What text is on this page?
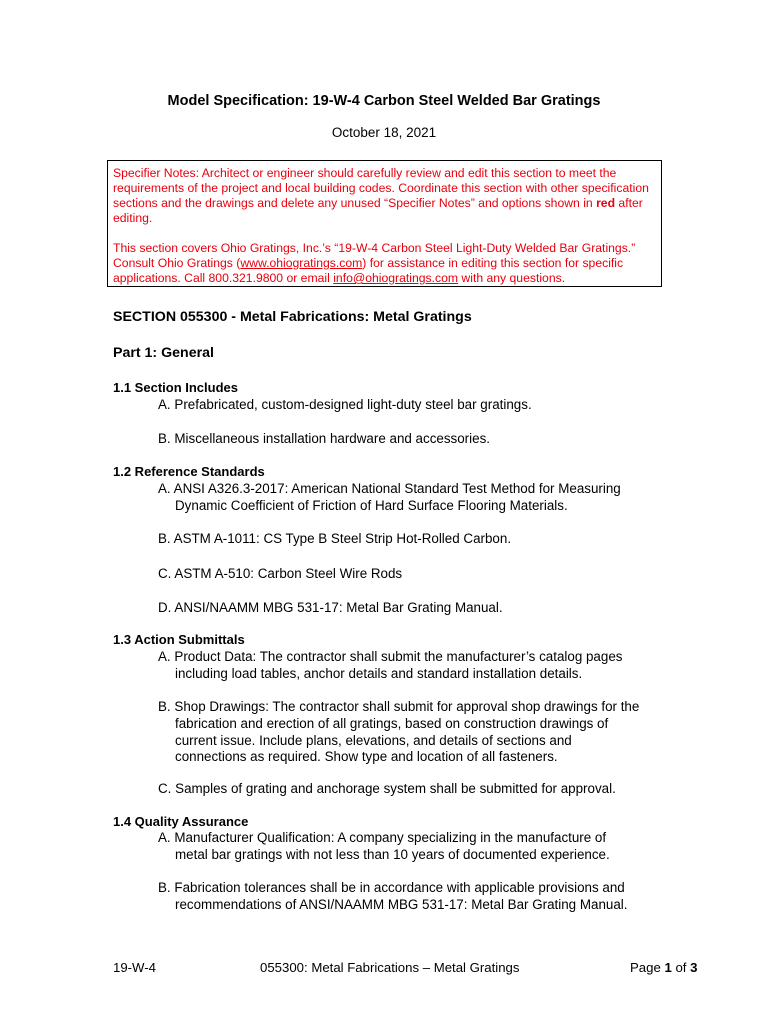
Model Specification: 19-W-4 Carbon Steel Welded Bar Gratings
October 18, 2021

Specifier Notes: Architect or engineer should carefully review and edit this section to meet the requirements of the project and local building codes. Coordinate this section with other specification sections and the drawings and delete any unused “Specifier Notes” and options shown in red after editing.

This section covers Ohio Gratings, Inc.’s “19-W-4 Carbon Steel Light-Duty Welded Bar Gratings.” Consult Ohio Gratings (www.ohiogratings.com) for assistance in editing this section for specific applications. Call 800.321.9800 or email info@ohiogratings.com with any questions.

SECTION 055300 - Metal Fabrications: Metal Gratings
Part 1: General
1.1 Section Includes
A. Prefabricated, custom-designed light-duty steel bar gratings.
B. Miscellaneous installation hardware and accessories.
1.2 Reference Standards
A. ANSI A326.3-2017: American National Standard Test Method for Measuring
Dynamic Coefficient of Friction of Hard Surface Flooring Materials.
B. ASTM A-1011: CS Type B Steel Strip Hot-Rolled Carbon.
C. ASTM A-510: Carbon Steel Wire Rods
D. ANSI/NAAMM MBG 531-17: Metal Bar Grating Manual.
1.3 Action Submittals
A. Product Data: The contractor shall submit the manufacturer’s catalog pages
including load tables, anchor details and standard installation details.
B. Shop Drawings: The contractor shall submit for approval shop drawings for the
fabrication and erection of all gratings, based on construction drawings of
current issue. Include plans, elevations, and details of sections and
connections as required. Show type and location of all fasteners.
C. Samples of grating and anchorage system shall be submitted for approval.
1.4 Quality Assurance
A. Manufacturer Qualification: A company specializing in the manufacture of
metal bar gratings with not less than 10 years of documented experience.
B. Fabrication tolerances shall be in accordance with applicable provisions and
recommendations of ANSI/NAAMM MBG 531-17: Metal Bar Grating Manual.
19-W-4	055300: Metal Fabrications – Metal Gratings	Page 1 of 3
